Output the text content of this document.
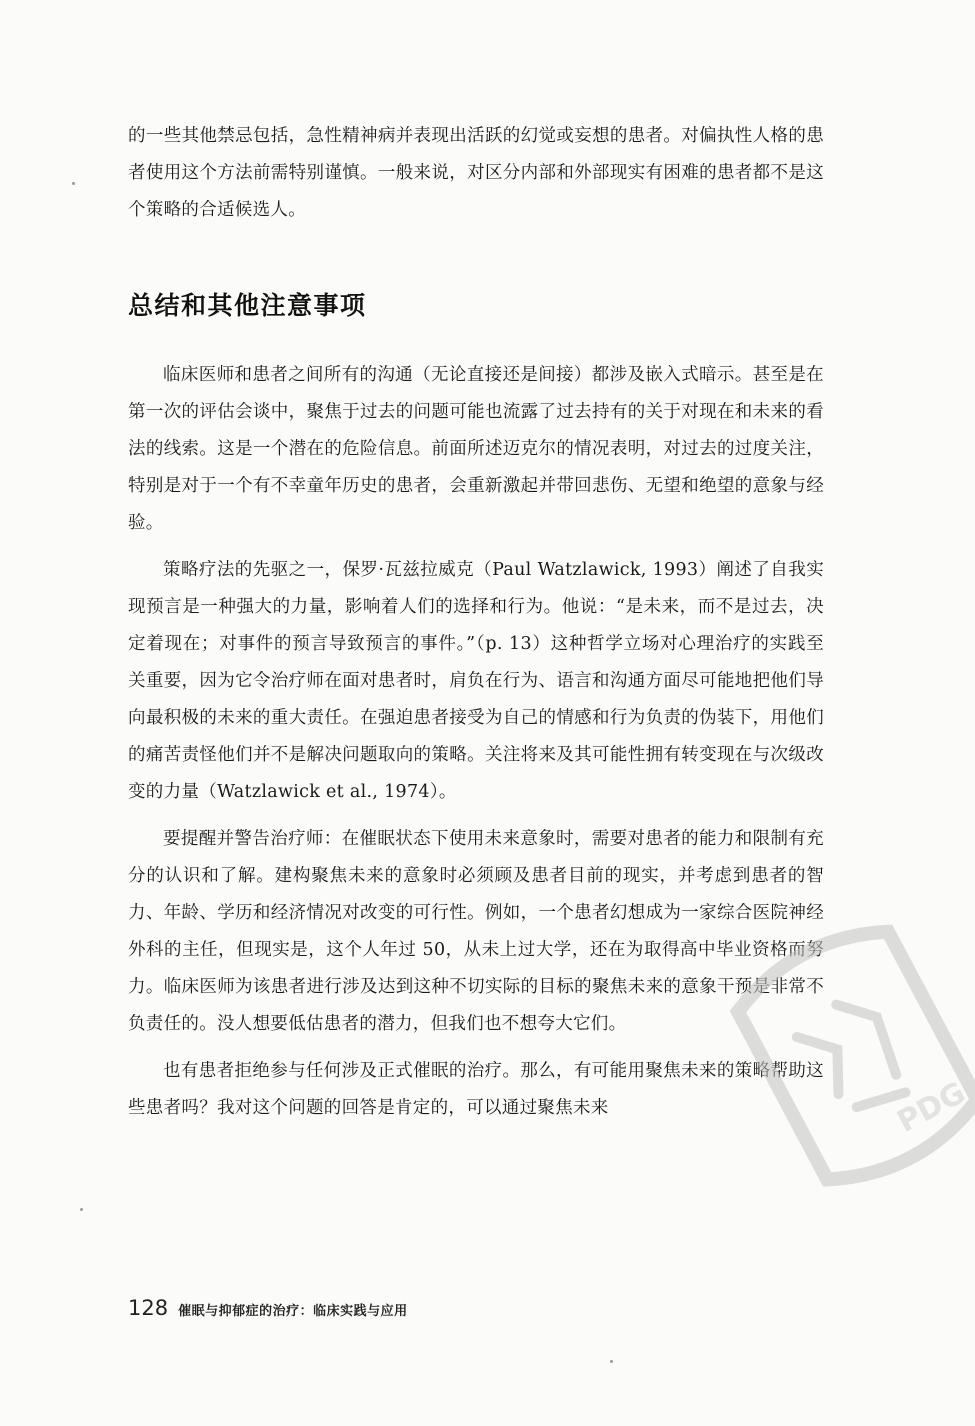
的一些其他禁忌包括，急性精神病并表现出活跃的幻觉或妄想的患者。对偏执性人格的患者使用这个方法前需特别谨慎。一般来说，对区分内部和外部现实有困难的患者都不是这个策略的合适候选人。

总结和其他注意事项

临床医师和患者之间所有的沟通（无论直接还是间接）都涉及嵌入式暗示。甚至是在第一次的评估会谈中，聚焦于过去的问题可能也流露了过去持有的关于对现在和未来的看法的线索。这是一个潜在的危险信息。前面所述迈克尔的情况表明，对过去的过度关注，特别是对于一个有不幸童年历史的患者，会重新激起并带回悲伤、无望和绝望的意象与经验。

策略疗法的先驱之一，保罗·瓦兹拉威克（Paul Watzlawick, 1993）阐述了自我实现预言是一种强大的力量，影响着人们的选择和行为。他说：“是未来，而不是过去，决定着现在；对事件的预言导致预言的事件。”（p. 13）这种哲学立场对心理治疗的实践至关重要，因为它令治疗师在面对患者时，肩负在行为、语言和沟通方面尽可能地把他们导向最积极的未来的重大责任。在强迫患者接受为自己的情感和行为负责的伪装下，用他们的痛苦责怪他们并不是解决问题取向的策略。关注将来及其可能性拥有转变现在与次级改变的力量（Watzlawick et al., 1974）。

要提醒并警告治疗师：在催眠状态下使用未来意象时，需要对患者的能力和限制有充分的认识和了解。建构聚焦未来的意象时必须顾及患者目前的现实，并考虑到患者的智力、年龄、学历和经济情况对改变的可行性。例如，一个患者幻想成为一家综合医院神经外科的主任，但现实是，这个人年过 50，从未上过大学，还在为取得高中毕业资格而努力。临床医师为该患者进行涉及达到这种不切实际的目标的聚焦未来的意象干预是非常不负责任的。没人想要低估患者的潜力，但我们也不想夸大它们。

也有患者拒绝参与任何涉及正式催眠的治疗。那么，有可能用聚焦未来的策略帮助这些患者吗？我对这个问题的回答是肯定的，可以通过聚焦未来

128 催眠与抑郁症的治疗：临床实践与应用
PDG
